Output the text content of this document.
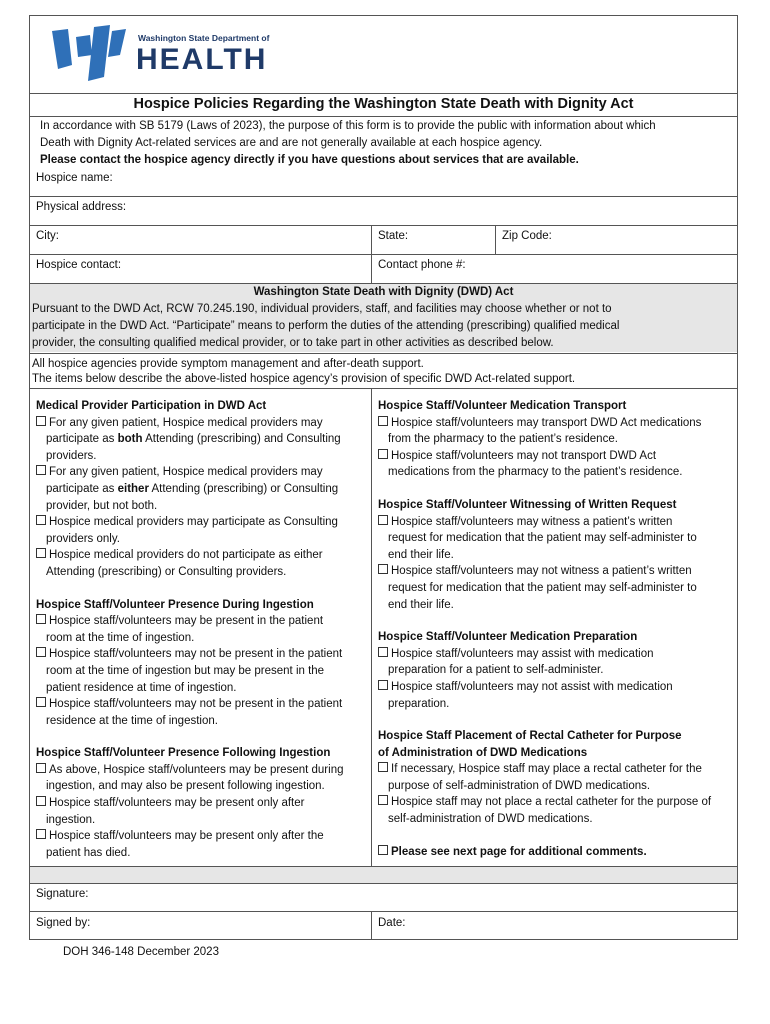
Washington State Department of
HEALTH
Hospice Policies Regarding the Washington State Death with Dignity Act
In accordance with SB 5179 (Laws of 2023), the purpose of this form is to provide the public with information about which
Death with Dignity Act-related services are and are not generally available at each hospice agency.
Please contact the hospice agency directly if you have questions about services that are available.
Hospice name:
Physical address:
City:	State:	Zip Code:
Hospice contact:	Contact phone #:
Washington State Death with Dignity (DWD) Act
Pursuant to the DWD Act, RCW 70.245.190, individual providers, staff, and facilities may choose whether or not to
participate in the DWD Act. “Participate” means to perform the duties of the attending (prescribing) qualified medical
provider, the consulting qualified medical provider, or to take part in other activities as described below.
All hospice agencies provide symptom management and after-death support.
The items below describe the above-listed hospice agency’s provision of specific DWD Act-related support.
Medical Provider Participation in DWD Act
For any given patient, Hospice medical providers may
participate as both Attending (prescribing) and Consulting
providers.
For any given patient, Hospice medical providers may
participate as either Attending (prescribing) or Consulting
provider, but not both.
Hospice medical providers may participate as Consulting
providers only.
Hospice medical providers do not participate as either
Attending (prescribing) or Consulting providers.
Hospice Staff/Volunteer Presence During Ingestion
Hospice staff/volunteers may be present in the patient
room at the time of ingestion.
Hospice staff/volunteers may not be present in the patient
room at the time of ingestion but may be present in the
patient residence at time of ingestion.
Hospice staff/volunteers may not be present in the patient
residence at the time of ingestion.
Hospice Staff/Volunteer Presence Following Ingestion
As above, Hospice staff/volunteers may be present during
ingestion, and may also be present following ingestion.
Hospice staff/volunteers may be present only after
ingestion.
Hospice staff/volunteers may be present only after the
patient has died.
Hospice Staff/Volunteer Medication Transport
Hospice staff/volunteers may transport DWD Act medications
from the pharmacy to the patient’s residence.
Hospice staff/volunteers may not transport DWD Act
medications from the pharmacy to the patient’s residence.
Hospice Staff/Volunteer Witnessing of Written Request
Hospice staff/volunteers may witness a patient’s written
request for medication that the patient may self-administer to
end their life.
Hospice staff/volunteers may not witness a patient’s written
request for medication that the patient may self-administer to
end their life.
Hospice Staff/Volunteer Medication Preparation
Hospice staff/volunteers may assist with medication
preparation for a patient to self-administer.
Hospice staff/volunteers may not assist with medication
preparation.
Hospice Staff Placement of Rectal Catheter for Purpose
of Administration of DWD Medications
If necessary, Hospice staff may place a rectal catheter for the
purpose of self-administration of DWD medications.
Hospice staff may not place a rectal catheter for the purpose of
self-administration of DWD medications.
Please see next page for additional comments.
Signature:
Signed by:	Date:
DOH 346-148 December 2023
